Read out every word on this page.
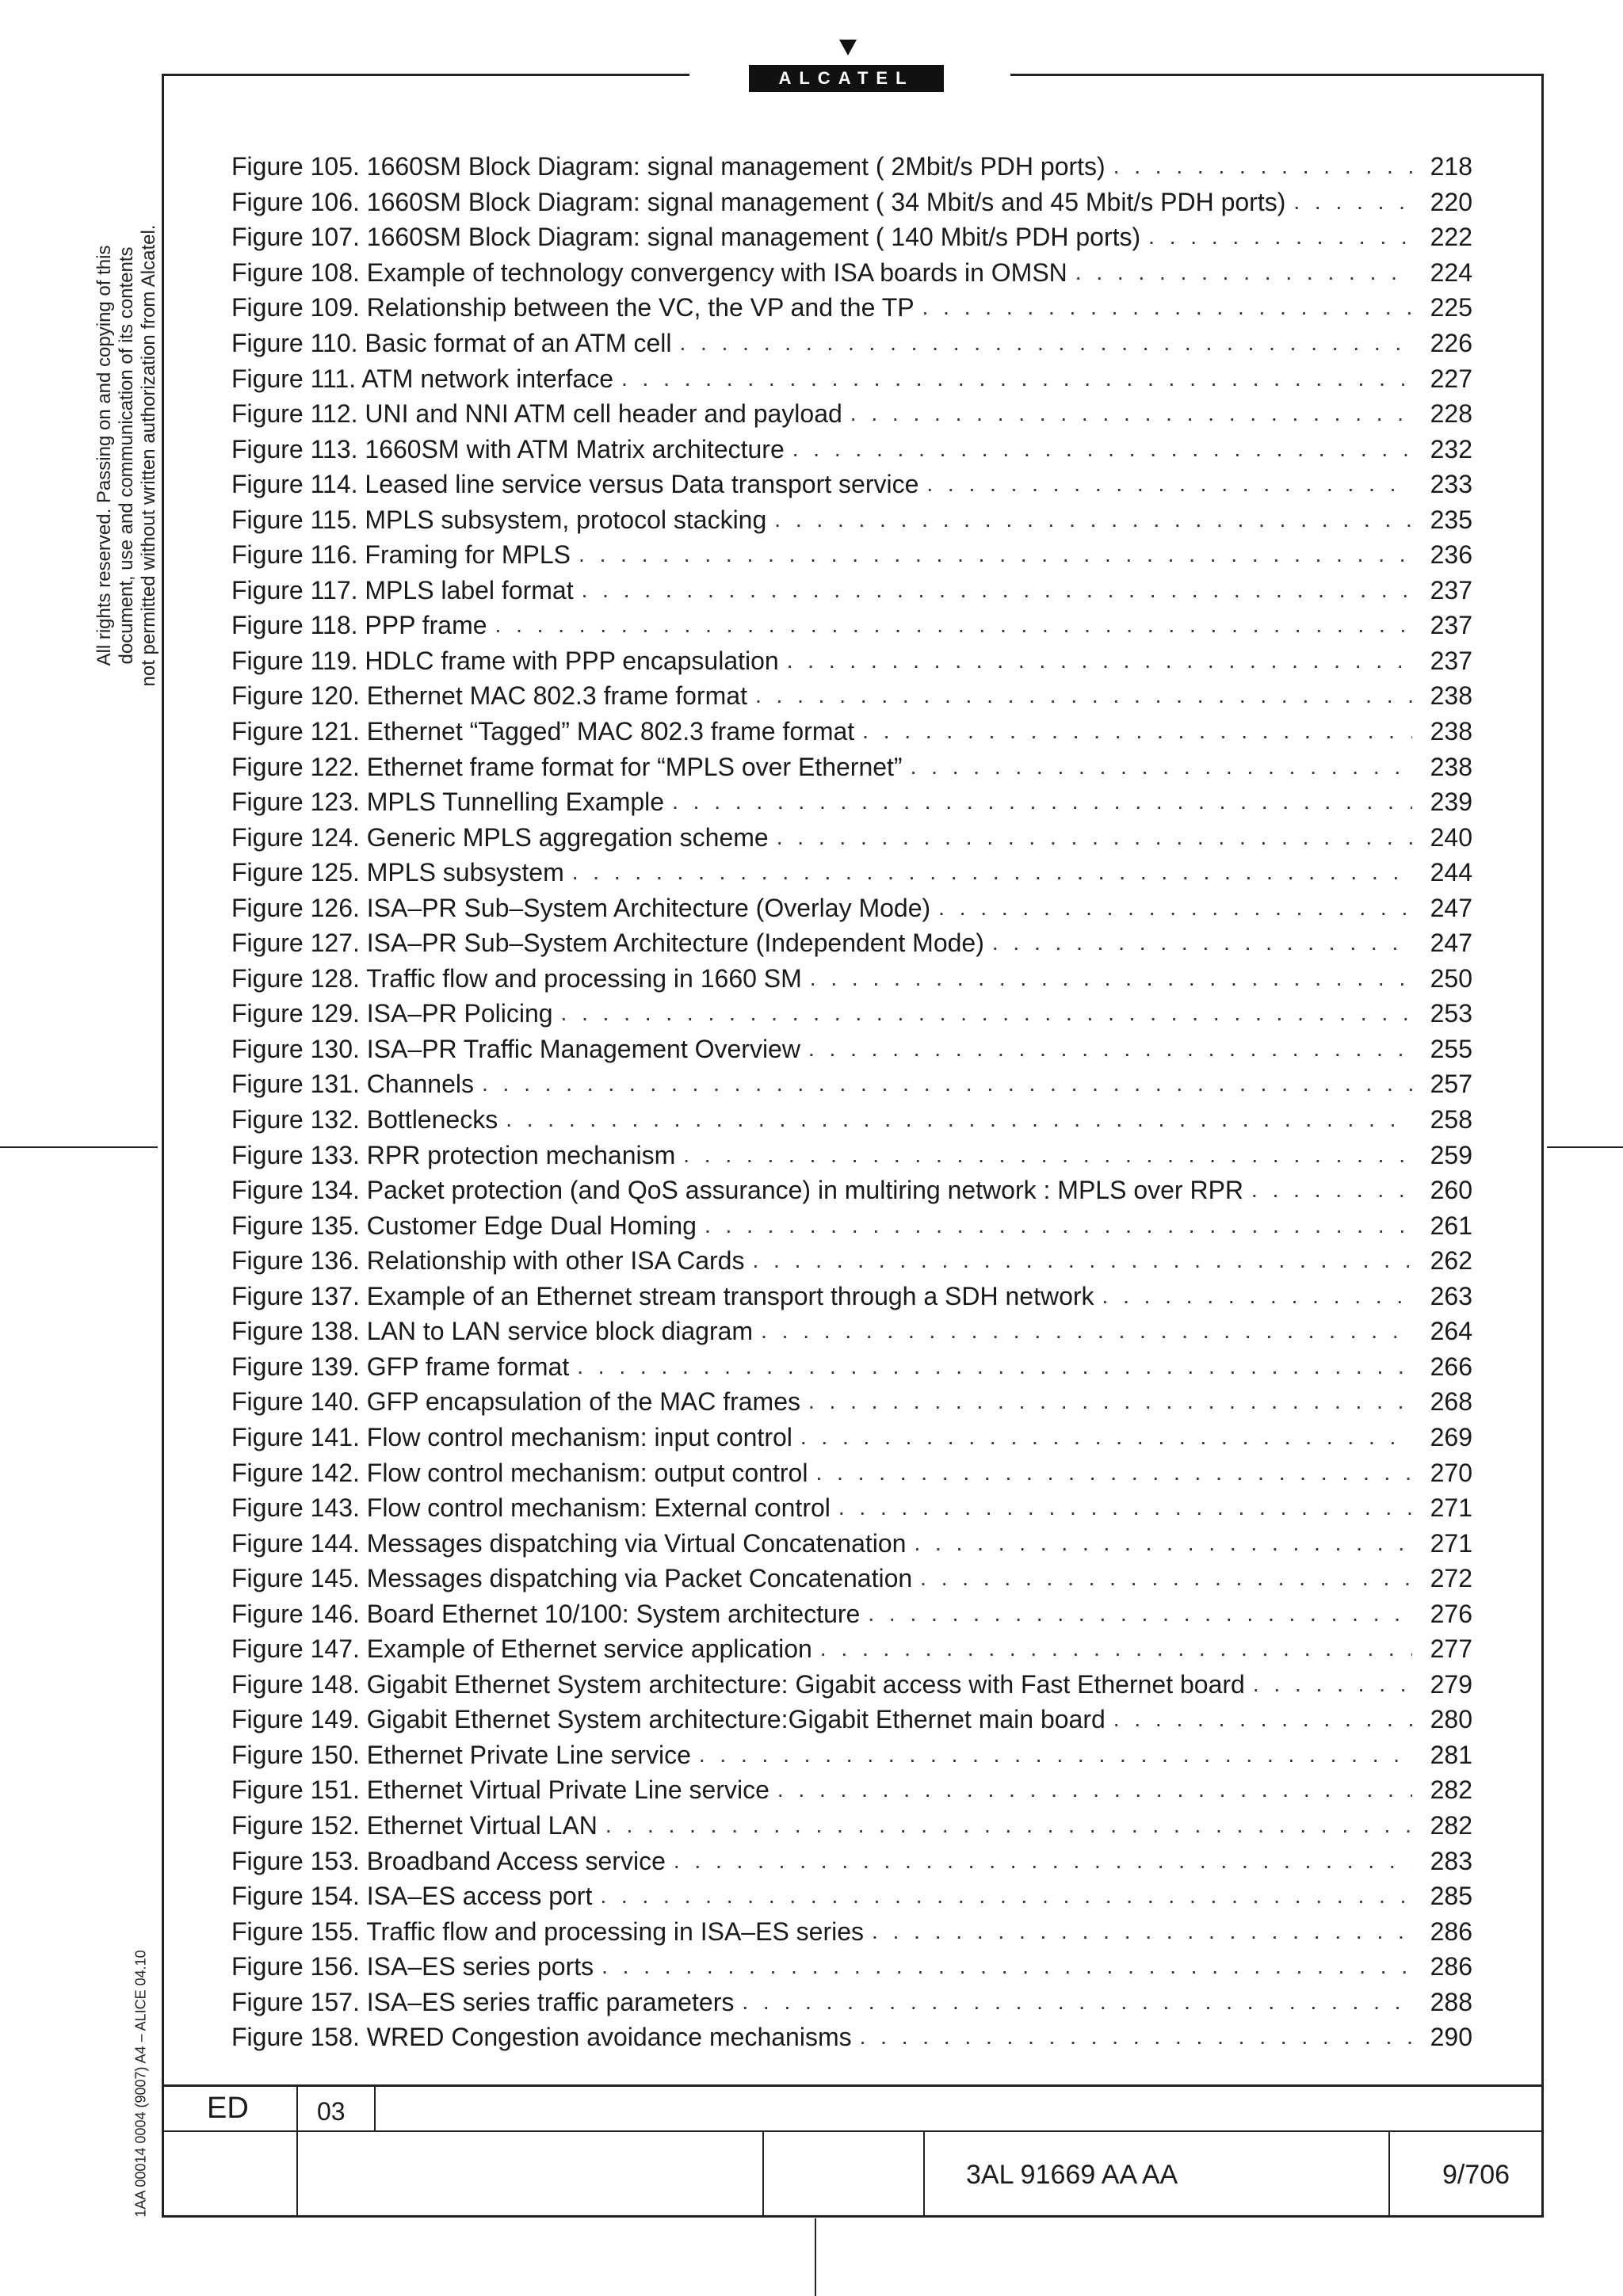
ALCATEL
All rights reserved. Passing on and copying of this document, use and communication of its contents not permitted without written authorization from Alcatel.
1AA 00014 0004 (9007) A4 – ALICE 04.10
Figure 105. 1660SM Block Diagram: signal management ( 2Mbit/s PDH ports) . . .	218
Figure 106. 1660SM Block Diagram: signal management ( 34 Mbit/s and 45 Mbit/s PDH ports) . . .	220
Figure 107. 1660SM Block Diagram: signal management ( 140 Mbit/s PDH ports) . . .	222
Figure 108. Example of technology convergency with ISA boards in OMSN . . .	224
Figure 109. Relationship between the VC, the VP and the TP . . .	225
Figure 110. Basic format of an ATM cell . . .	226
Figure 111. ATM network interface . . .	227
Figure 112. UNI and NNI ATM cell header and payload . . .	228
Figure 113. 1660SM with ATM Matrix architecture . . .	232
Figure 114. Leased line service versus Data transport service . . .	233
Figure 115. MPLS subsystem, protocol stacking . . .	235
Figure 116. Framing for MPLS . . .	236
Figure 117. MPLS label format . . .	237
Figure 118. PPP frame . . .	237
Figure 119. HDLC frame with PPP encapsulation . . .	237
Figure 120. Ethernet MAC 802.3 frame format . . .	238
Figure 121. Ethernet “Tagged” MAC 802.3 frame format . . .	238
Figure 122. Ethernet frame format for “MPLS over Ethernet” . . .	238
Figure 123. MPLS Tunnelling Example . . .	239
Figure 124. Generic MPLS aggregation scheme . . .	240
Figure 125. MPLS subsystem . . .	244
Figure 126. ISA–PR Sub–System Architecture (Overlay Mode) . . .	247
Figure 127. ISA–PR Sub–System Architecture (Independent Mode) . . .	247
Figure 128. Traffic flow and processing in 1660 SM . . .	250
Figure 129. ISA–PR Policing . . .	253
Figure 130. ISA–PR Traffic Management Overview . . .	255
Figure 131. Channels . . .	257
Figure 132. Bottlenecks . . .	258
Figure 133. RPR protection mechanism . . .	259
Figure 134. Packet protection (and QoS assurance) in multiring network : MPLS over RPR . . .	260
Figure 135. Customer Edge Dual Homing . . .	261
Figure 136. Relationship with other ISA Cards . . .	262
Figure 137. Example of an Ethernet stream transport through a SDH network . . .	263
Figure 138. LAN to LAN service block diagram . . .	264
Figure 139. GFP frame format . . .	266
Figure 140. GFP encapsulation of the MAC frames . . .	268
Figure 141. Flow control mechanism: input control . . .	269
Figure 142. Flow control mechanism: output control . . .	270
Figure 143. Flow control mechanism: External control . . .	271
Figure 144. Messages dispatching via Virtual Concatenation . . .	271
Figure 145. Messages dispatching via Packet Concatenation . . .	272
Figure 146. Board Ethernet 10/100: System architecture . . .	276
Figure 147. Example of Ethernet service application . . .	277
Figure 148. Gigabit Ethernet System architecture: Gigabit access with Fast Ethernet board . . .	279
Figure 149. Gigabit Ethernet System architecture:Gigabit Ethernet main board . . .	280
Figure 150. Ethernet Private Line service . . .	281
Figure 151. Ethernet Virtual Private Line service . . .	282
Figure 152. Ethernet Virtual LAN . . .	282
Figure 153. Broadband Access service . . .	283
Figure 154. ISA–ES access port . . .	285
Figure 155. Traffic flow and processing in ISA–ES series . . .	286
Figure 156. ISA–ES series ports . . .	286
Figure 157. ISA–ES series traffic parameters . . .	288
Figure 158. WRED Congestion avoidance mechanisms . . .	290
ED	03
3AL 91669 AA AA	9/706
